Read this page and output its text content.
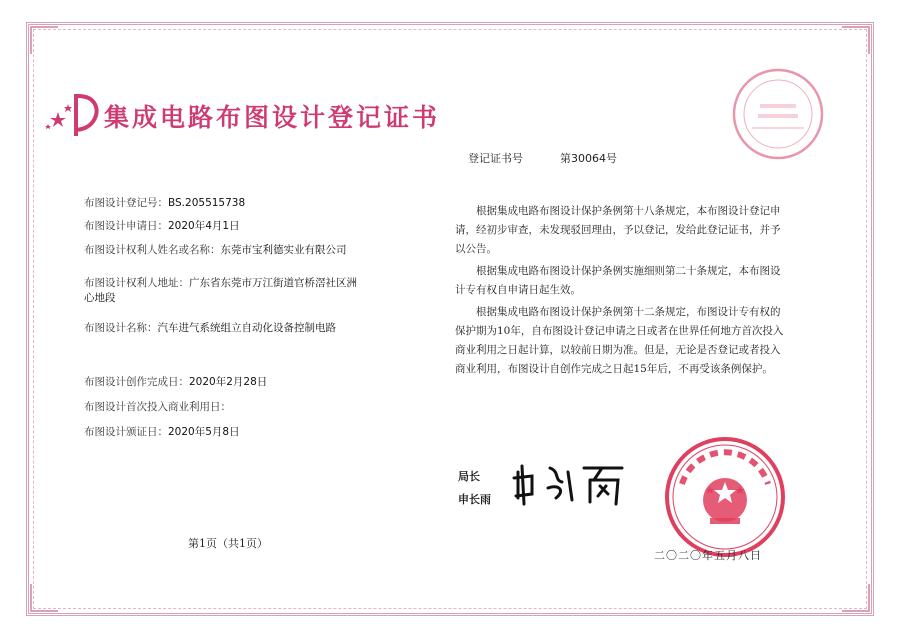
集成电路布图设计登记证书
登记证书号	第30064号
布图设计登记号：BS.205515738
布图设计申请日：2020年4月1日
布图设计权利人姓名或名称：东莞市宝利德实业有限公司
布图设计权利人地址：广东省东莞市万江街道官桥滘社区洲心地段
布图设计名称：汽车进气系统组立自动化设备控制电路
布图设计创作完成日：2020年2月28日
布图设计首次投入商业利用日：
布图设计颁证日：2020年5月8日

根据集成电路布图设计保护条例第十八条规定，本布图设计登记申请，经初步审查，未发现驳回理由，予以登记，发给此登记证书，并予以公告。

根据集成电路布图设计保护条例实施细则第二十条规定，本布图设计专有权自申请日起生效。

根据集成电路布图设计保护条例第十二条规定，布图设计专有权的保护期为10年，自布图设计登记申请之日或者在世界任何地方首次投入商业利用之日起计算，以较前日期为准。但是，无论是否登记或者投入商业利用，布图设计自创作完成之日起15年后，不再受该条例保护。

局长
申长雨
第1页（共1页）
二〇二〇年五月八日
